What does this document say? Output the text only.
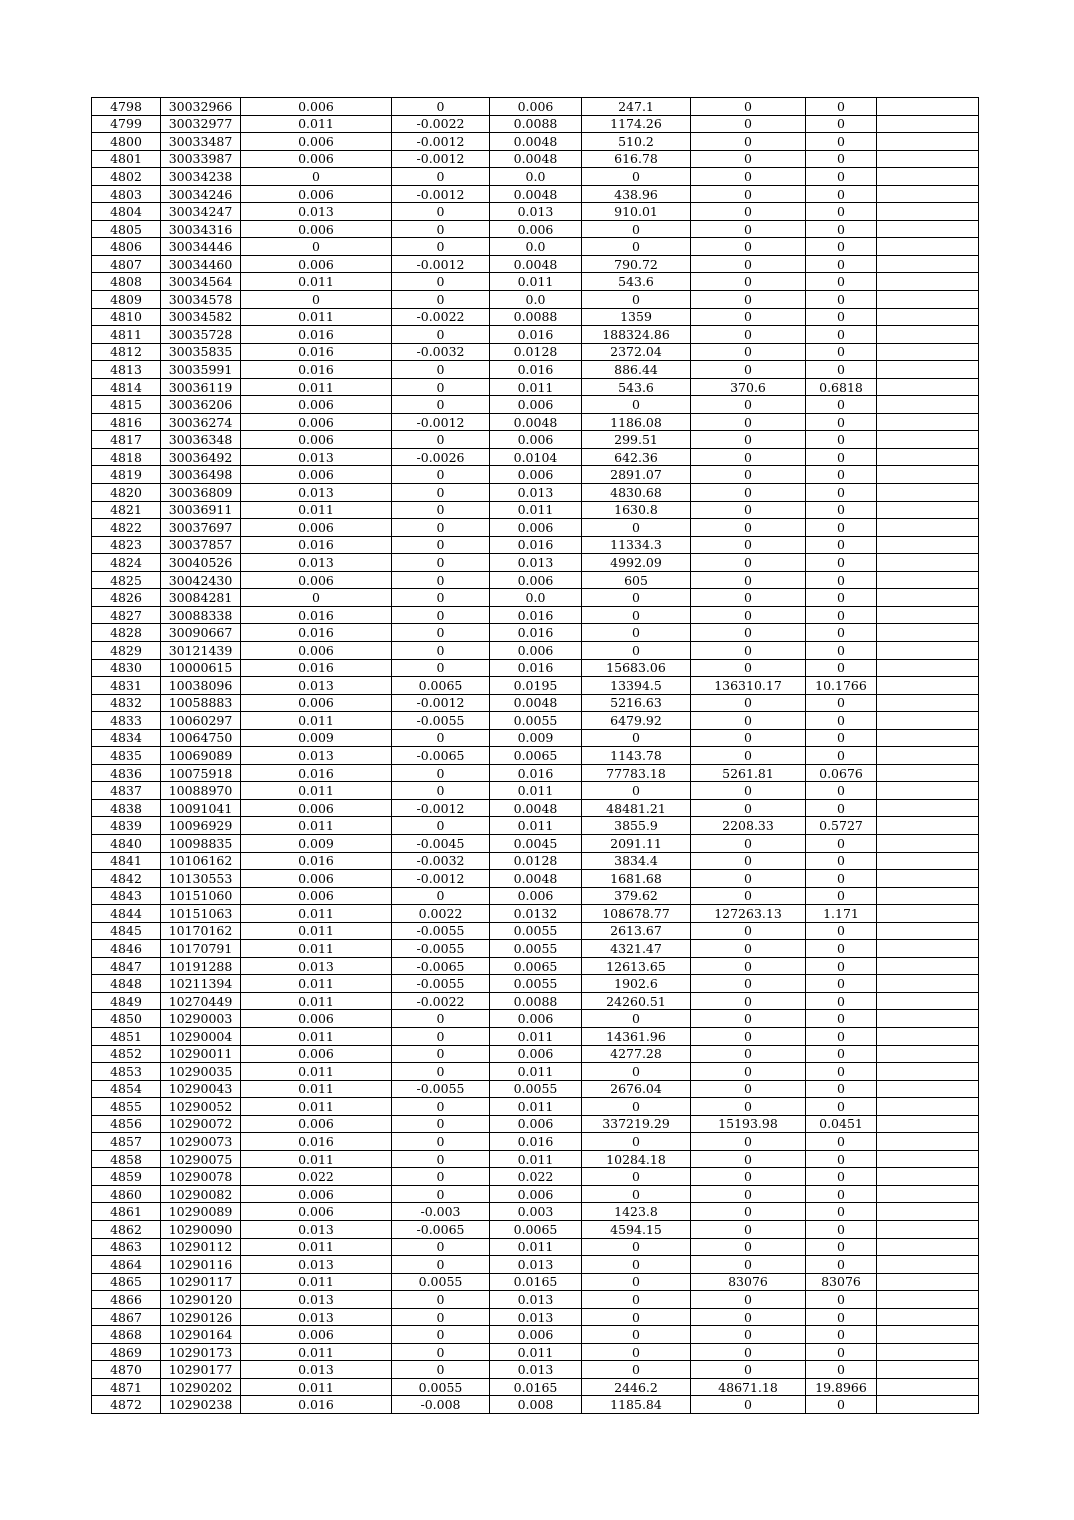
4798	30032966	0.006	0	0.006	247.1	0	0	
4799	30032977	0.011	-0.0022	0.0088	1174.26	0	0	
4800	30033487	0.006	-0.0012	0.0048	510.2	0	0	
4801	30033987	0.006	-0.0012	0.0048	616.78	0	0	
4802	30034238	0	0	0.0	0	0	0	
4803	30034246	0.006	-0.0012	0.0048	438.96	0	0	
4804	30034247	0.013	0	0.013	910.01	0	0	
4805	30034316	0.006	0	0.006	0	0	0	
4806	30034446	0	0	0.0	0	0	0	
4807	30034460	0.006	-0.0012	0.0048	790.72	0	0	
4808	30034564	0.011	0	0.011	543.6	0	0	
4809	30034578	0	0	0.0	0	0	0	
4810	30034582	0.011	-0.0022	0.0088	1359	0	0	
4811	30035728	0.016	0	0.016	188324.86	0	0	
4812	30035835	0.016	-0.0032	0.0128	2372.04	0	0	
4813	30035991	0.016	0	0.016	886.44	0	0	
4814	30036119	0.011	0	0.011	543.6	370.6	0.6818	
4815	30036206	0.006	0	0.006	0	0	0	
4816	30036274	0.006	-0.0012	0.0048	1186.08	0	0	
4817	30036348	0.006	0	0.006	299.51	0	0	
4818	30036492	0.013	-0.0026	0.0104	642.36	0	0	
4819	30036498	0.006	0	0.006	2891.07	0	0	
4820	30036809	0.013	0	0.013	4830.68	0	0	
4821	30036911	0.011	0	0.011	1630.8	0	0	
4822	30037697	0.006	0	0.006	0	0	0	
4823	30037857	0.016	0	0.016	11334.3	0	0	
4824	30040526	0.013	0	0.013	4992.09	0	0	
4825	30042430	0.006	0	0.006	605	0	0	
4826	30084281	0	0	0.0	0	0	0	
4827	30088338	0.016	0	0.016	0	0	0	
4828	30090667	0.016	0	0.016	0	0	0	
4829	30121439	0.006	0	0.006	0	0	0	
4830	10000615	0.016	0	0.016	15683.06	0	0	
4831	10038096	0.013	0.0065	0.0195	13394.5	136310.17	10.1766	
4832	10058883	0.006	-0.0012	0.0048	5216.63	0	0	
4833	10060297	0.011	-0.0055	0.0055	6479.92	0	0	
4834	10064750	0.009	0	0.009	0	0	0	
4835	10069089	0.013	-0.0065	0.0065	1143.78	0	0	
4836	10075918	0.016	0	0.016	77783.18	5261.81	0.0676	
4837	10088970	0.011	0	0.011	0	0	0	
4838	10091041	0.006	-0.0012	0.0048	48481.21	0	0	
4839	10096929	0.011	0	0.011	3855.9	2208.33	0.5727	
4840	10098835	0.009	-0.0045	0.0045	2091.11	0	0	
4841	10106162	0.016	-0.0032	0.0128	3834.4	0	0	
4842	10130553	0.006	-0.0012	0.0048	1681.68	0	0	
4843	10151060	0.006	0	0.006	379.62	0	0	
4844	10151063	0.011	0.0022	0.0132	108678.77	127263.13	1.171	
4845	10170162	0.011	-0.0055	0.0055	2613.67	0	0	
4846	10170791	0.011	-0.0055	0.0055	4321.47	0	0	
4847	10191288	0.013	-0.0065	0.0065	12613.65	0	0	
4848	10211394	0.011	-0.0055	0.0055	1902.6	0	0	
4849	10270449	0.011	-0.0022	0.0088	24260.51	0	0	
4850	10290003	0.006	0	0.006	0	0	0	
4851	10290004	0.011	0	0.011	14361.96	0	0	
4852	10290011	0.006	0	0.006	4277.28	0	0	
4853	10290035	0.011	0	0.011	0	0	0	
4854	10290043	0.011	-0.0055	0.0055	2676.04	0	0	
4855	10290052	0.011	0	0.011	0	0	0	
4856	10290072	0.006	0	0.006	337219.29	15193.98	0.0451	
4857	10290073	0.016	0	0.016	0	0	0	
4858	10290075	0.011	0	0.011	10284.18	0	0	
4859	10290078	0.022	0	0.022	0	0	0	
4860	10290082	0.006	0	0.006	0	0	0	
4861	10290089	0.006	-0.003	0.003	1423.8	0	0	
4862	10290090	0.013	-0.0065	0.0065	4594.15	0	0	
4863	10290112	0.011	0	0.011	0	0	0	
4864	10290116	0.013	0	0.013	0	0	0	
4865	10290117	0.011	0.0055	0.0165	0	83076	83076	
4866	10290120	0.013	0	0.013	0	0	0	
4867	10290126	0.013	0	0.013	0	0	0	
4868	10290164	0.006	0	0.006	0	0	0	
4869	10290173	0.011	0	0.011	0	0	0	
4870	10290177	0.013	0	0.013	0	0	0	
4871	10290202	0.011	0.0055	0.0165	2446.2	48671.18	19.8966	
4872	10290238	0.016	-0.008	0.008	1185.84	0	0	
